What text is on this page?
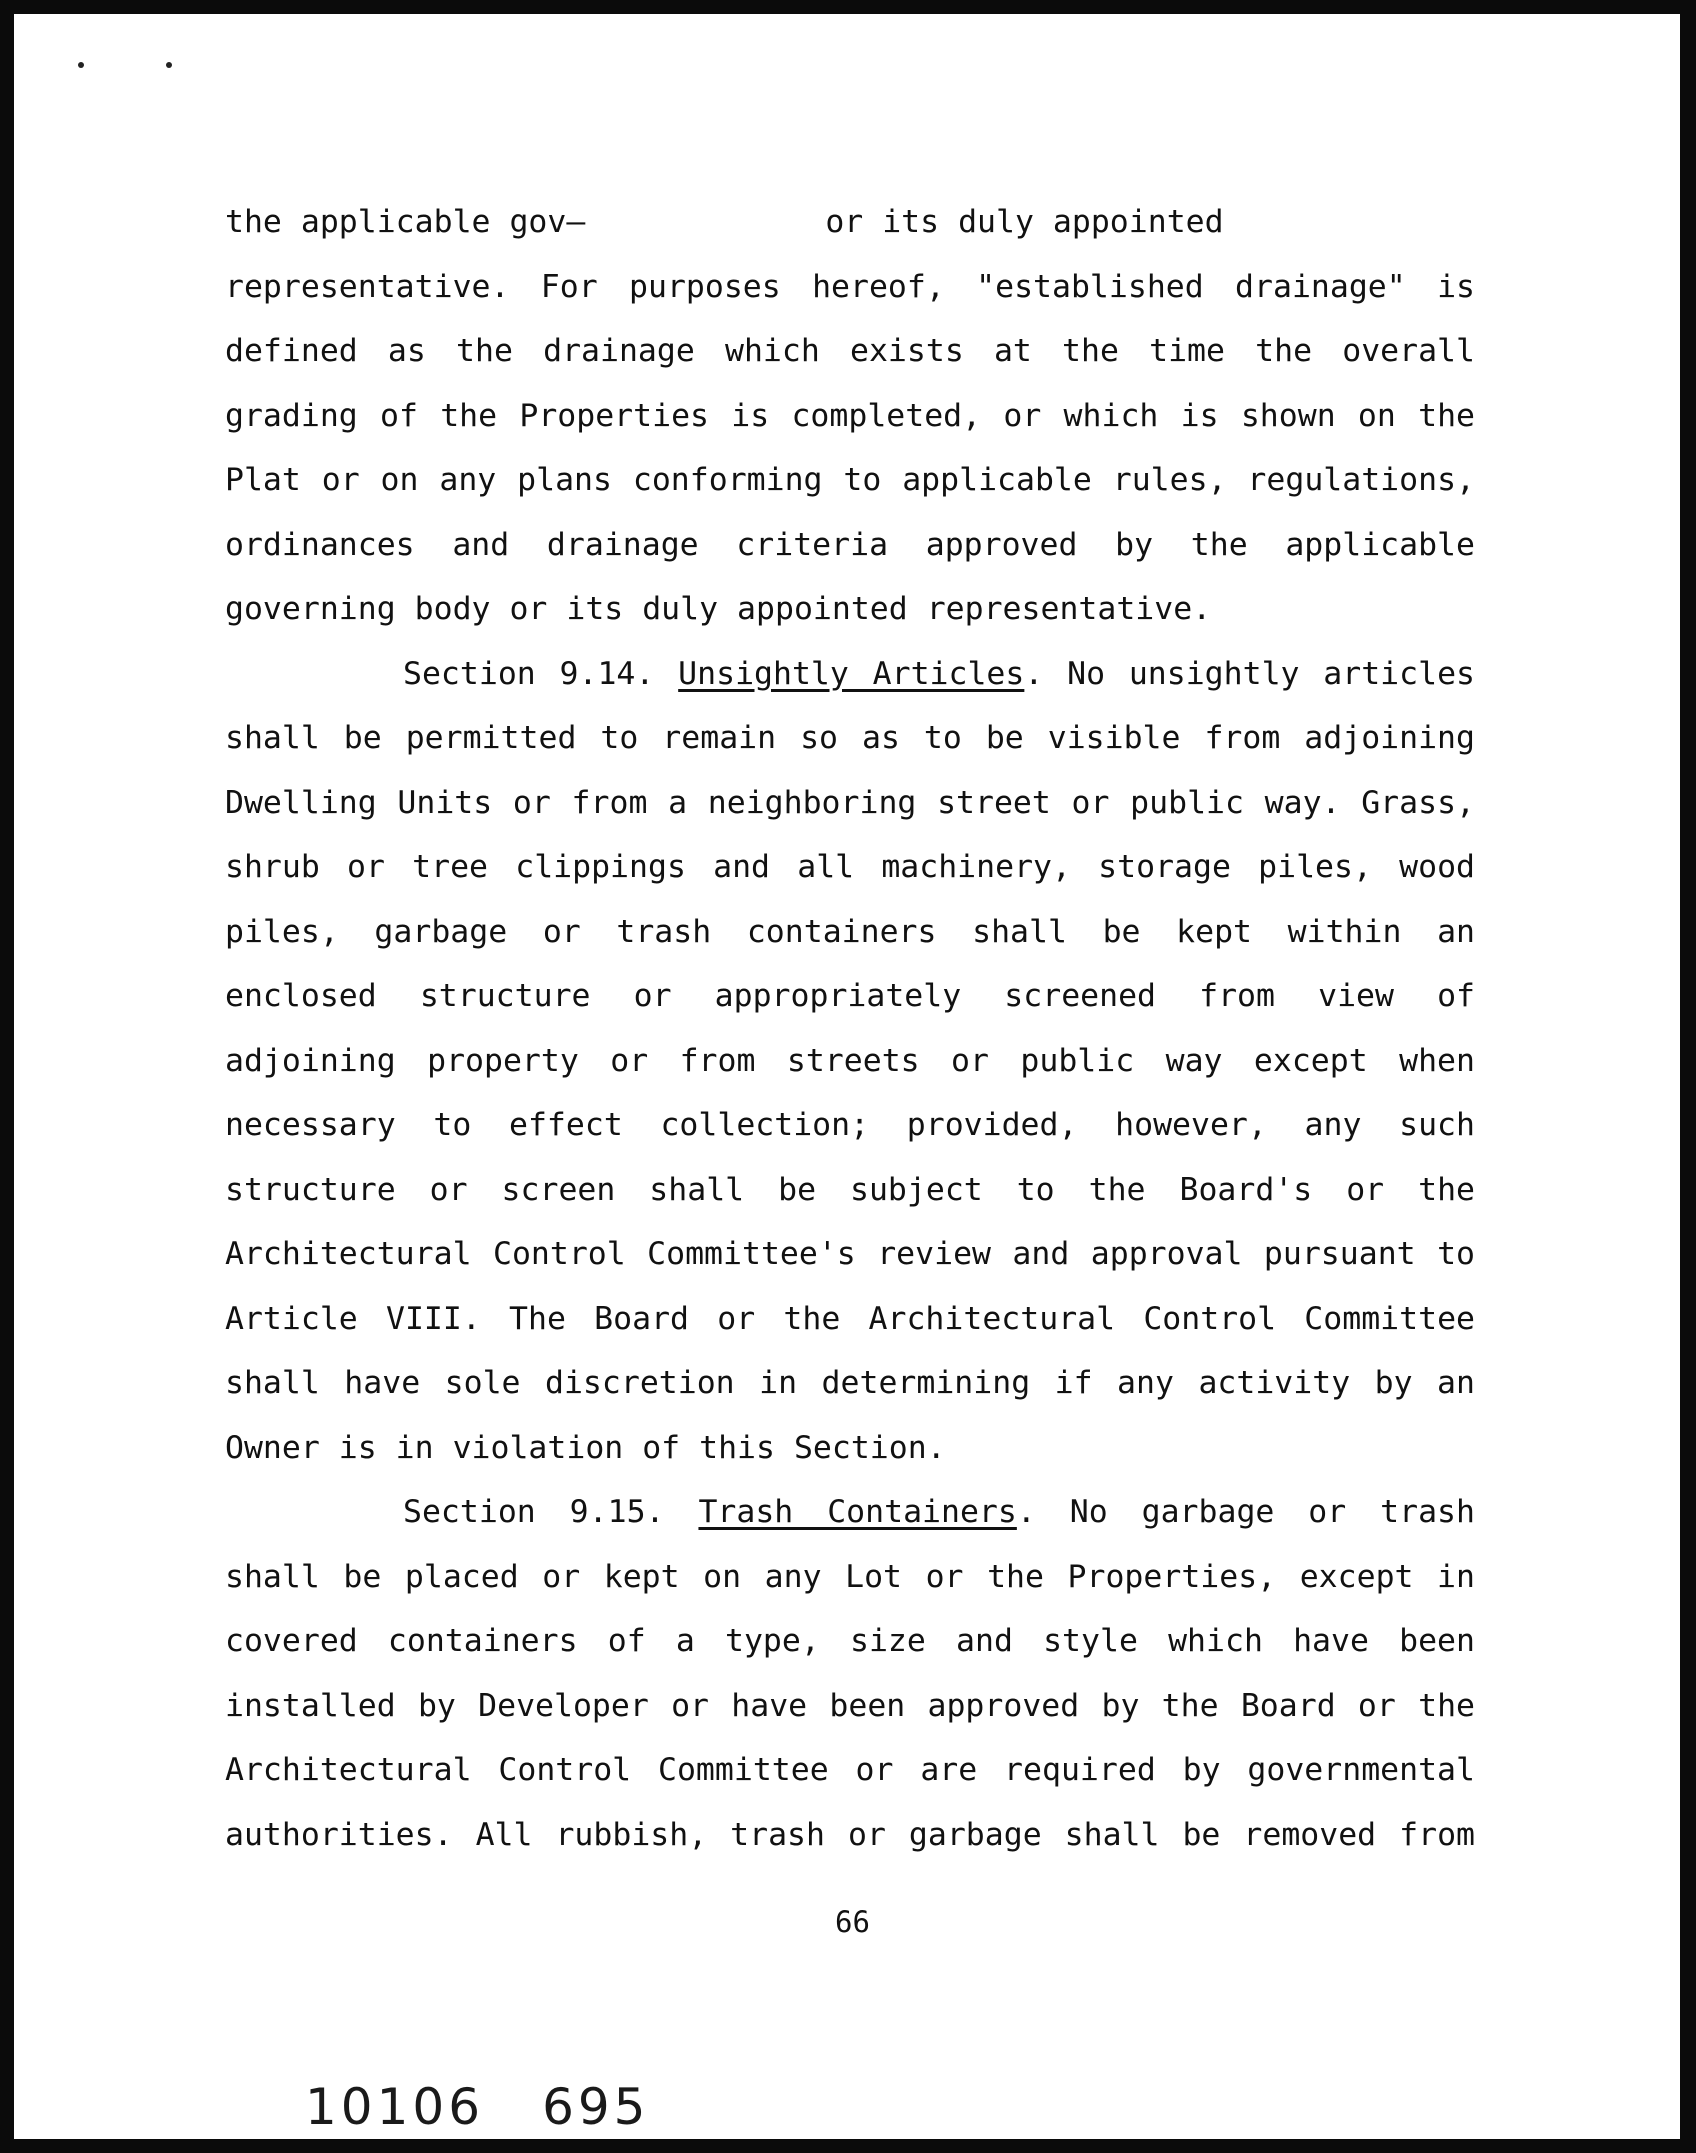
the applicable gov—	or its duly appointed
representative. For purposes hereof, "established drainage" is
defined as the drainage which exists at the time the overall
grading of the Properties is completed, or which is shown on the
Plat or on any plans conforming to applicable rules, regulations,
ordinances and drainage criteria approved by the applicable
governing body or its duly appointed representative.
Section 9.14. Unsightly Articles. No unsightly articles
shall be permitted to remain so as to be visible from adjoining
Dwelling Units or from a neighboring street or public way. Grass,
shrub or tree clippings and all machinery, storage piles, wood
piles, garbage or trash containers shall be kept within an
enclosed structure or appropriately screened from view of
adjoining property or from streets or public way except when
necessary to effect collection; provided, however, any such
structure or screen shall be subject to the Board's or the
Architectural Control Committee's review and approval pursuant to
Article VIII. The Board or the Architectural Control Committee
shall have sole discretion in determining if any activity by an
Owner is in violation of this Section.
Section 9.15. Trash Containers. No garbage or trash
shall be placed or kept on any Lot or the Properties, except in
covered containers of a type, size and style which have been
installed by Developer or have been approved by the Board or the
Architectural Control Committee or are required by governmental
authorities. All rubbish, trash or garbage shall be removed from
66
10106 695
